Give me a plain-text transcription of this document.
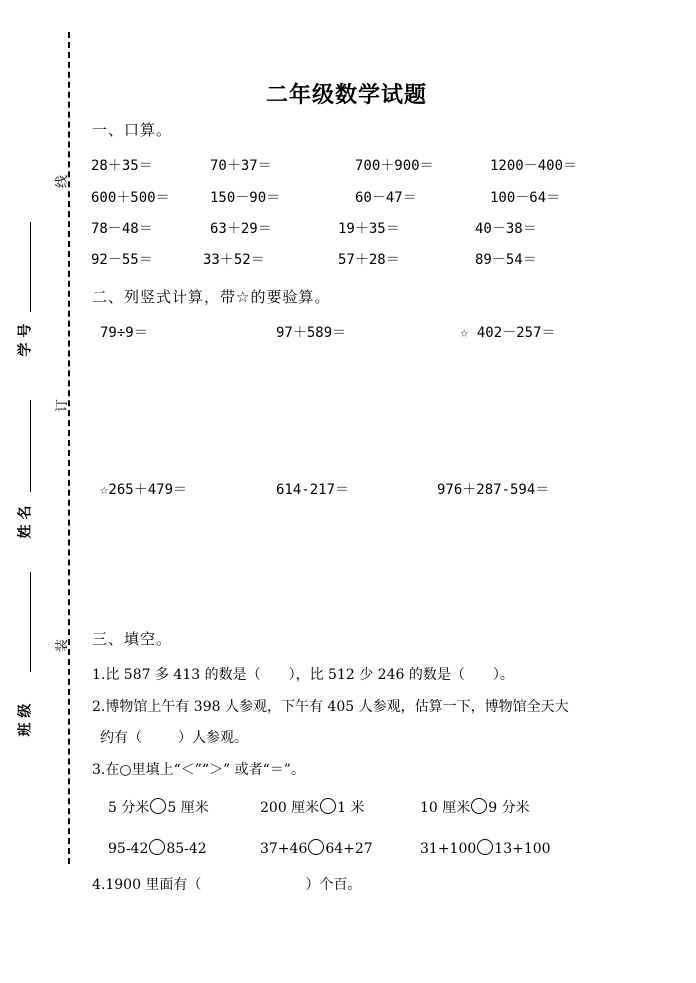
线
订
装
学 号
姓 名
班 级
二年级数学试题
一、口算。
28＋35＝	70＋37＝	700＋900＝	1200－400＝
600＋500＝	150－90＝	60－47＝	100－64＝
78－48＝	63＋29＝	19＋35＝	40－38＝
92－55＝	33＋52＝	57＋28＝	89－54＝
二、列竖式计算，带☆的要验算。
79÷9＝	97＋589＝	☆ 402－257＝
☆265＋479＝	614-217＝	976＋287-594＝
三、填空。
1.比 587 多 413 的数是（ ），比 512 少 246 的数是（ ）。
2.博物馆上午有 398 人参观，下午有 405 人参观，估算一下，博物馆全天大
约有（	）人参观。
3.在○里填上“＜”“＞” 或者“＝”。
5 分米 5 厘米	200 厘米 1 米	10 厘米 9 分米
95-42 85-42	37+46 64+27	31+100 13+100
4.1900 里面有（	）个百。
